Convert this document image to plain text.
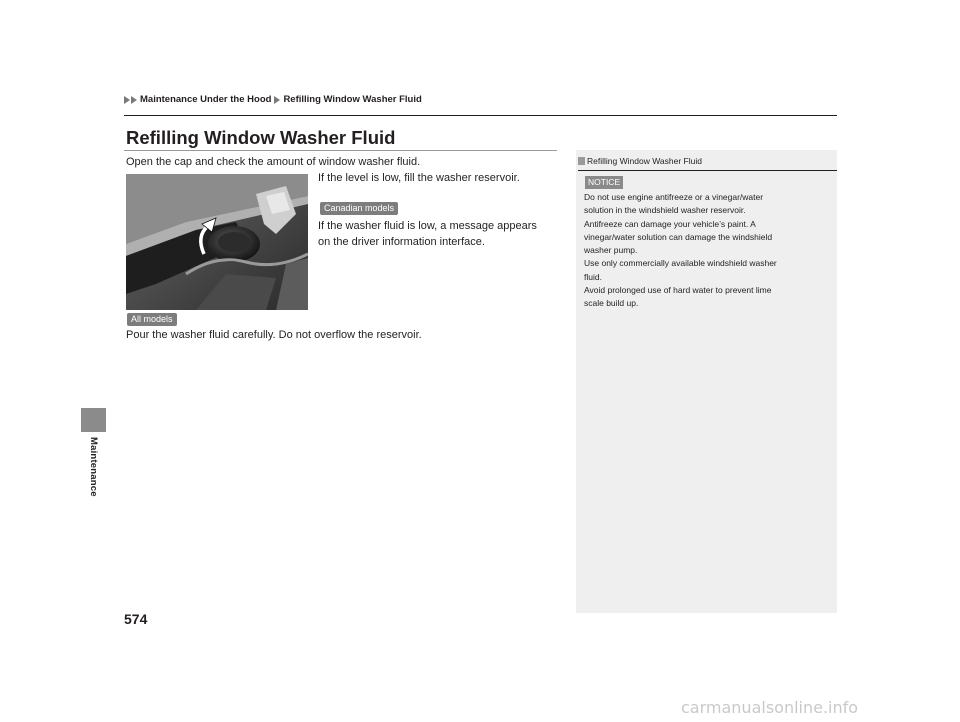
Maintenance Under the Hood Refilling Window Washer Fluid
Maintenance
Refilling Window Washer Fluid
Open the cap and check the amount of window washer fluid.
If the level is low, fill the washer reservoir.
Canadian models
If the washer fluid is low, a message appears
on the driver information interface.
All models
Pour the washer fluid carefully. Do not overflow the reservoir.
Refilling Window Washer Fluid
NOTICE

Do not use engine antifreeze or a vinegar/water

solution in the windshield washer reservoir.

Antifreeze can damage your vehicle’s paint. A

vinegar/water solution can damage the windshield

washer pump.

Use only commercially available windshield washer

fluid.

Avoid prolonged use of hard water to prevent lime

scale build up.

574
carmanualsonline.info
